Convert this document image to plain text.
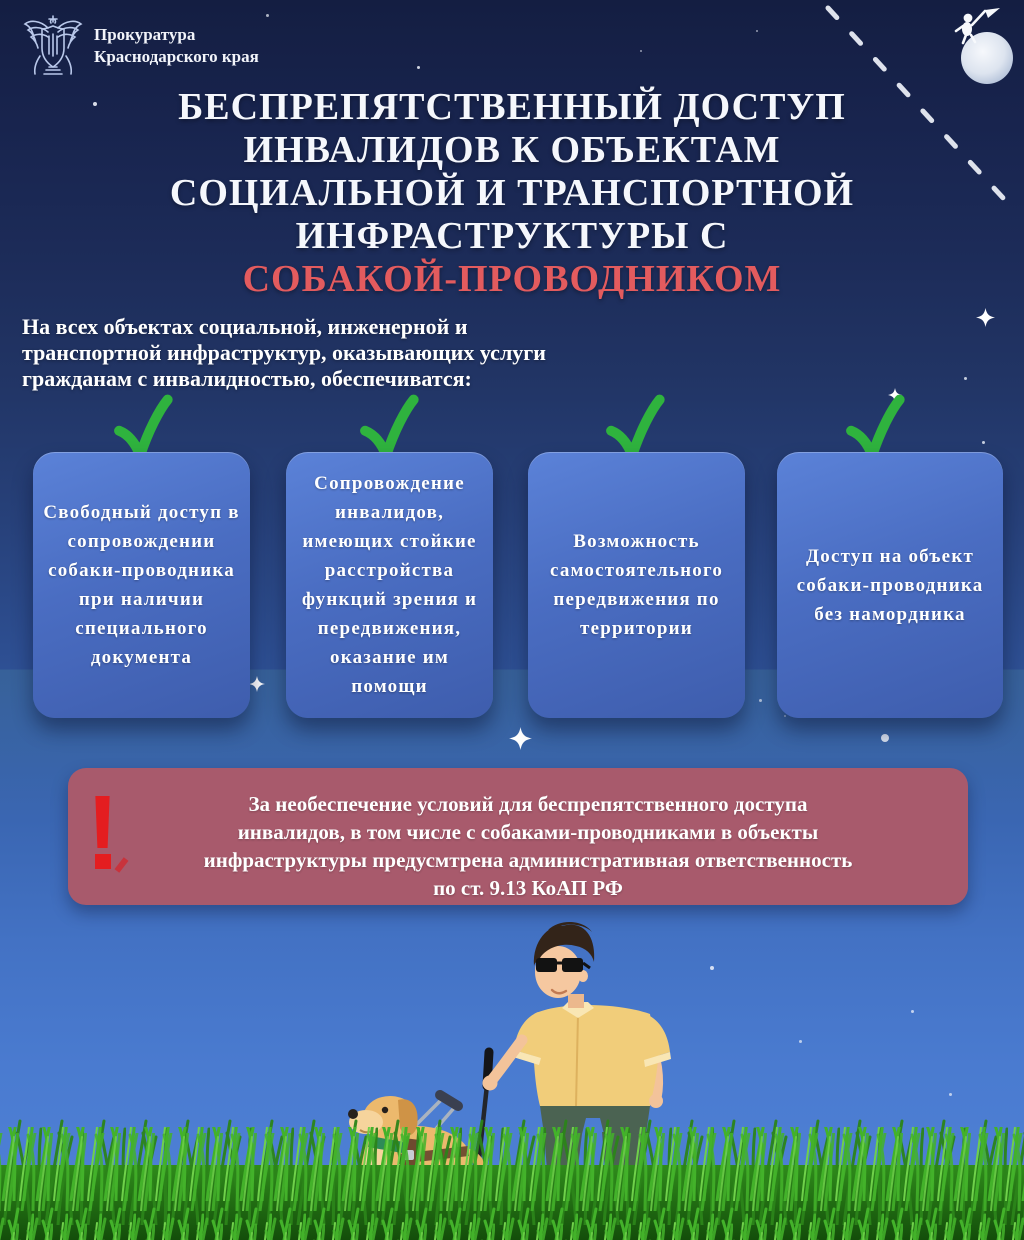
Прокуратура
Краснодарского края
БЕСПРЕПЯТСТВЕННЫЙ ДОСТУП
ИНВАЛИДОВ К ОБЪЕКТАМ
СОЦИАЛЬНОЙ И ТРАНСПОРТНОЙ
ИНФРАСТРУКТУРЫ С
СОБАКОЙ-ПРОВОДНИКОМ
На всех объектах социальной, инженерной и
транспортной инфраструктур, оказывающих услуги
гражданам с инвалидностью, обеспечиватся:
Свободный доступ в сопровождении собаки-проводника при наличии специального документа
Сопровождение инвалидов, имеющих стойкие расстройства функций зрения и передвижения, оказание им помощи
Возможность самостоятельного передвижения по территории
Доступ на объект собаки-проводника без намордника
За необеспечение условий для беспрепятственного доступа
инвалидов, в том числе с собаками-проводниками в объекты
инфраструктуры предусмтрена административная ответственность
по ст. 9.13 КоАП РФ
